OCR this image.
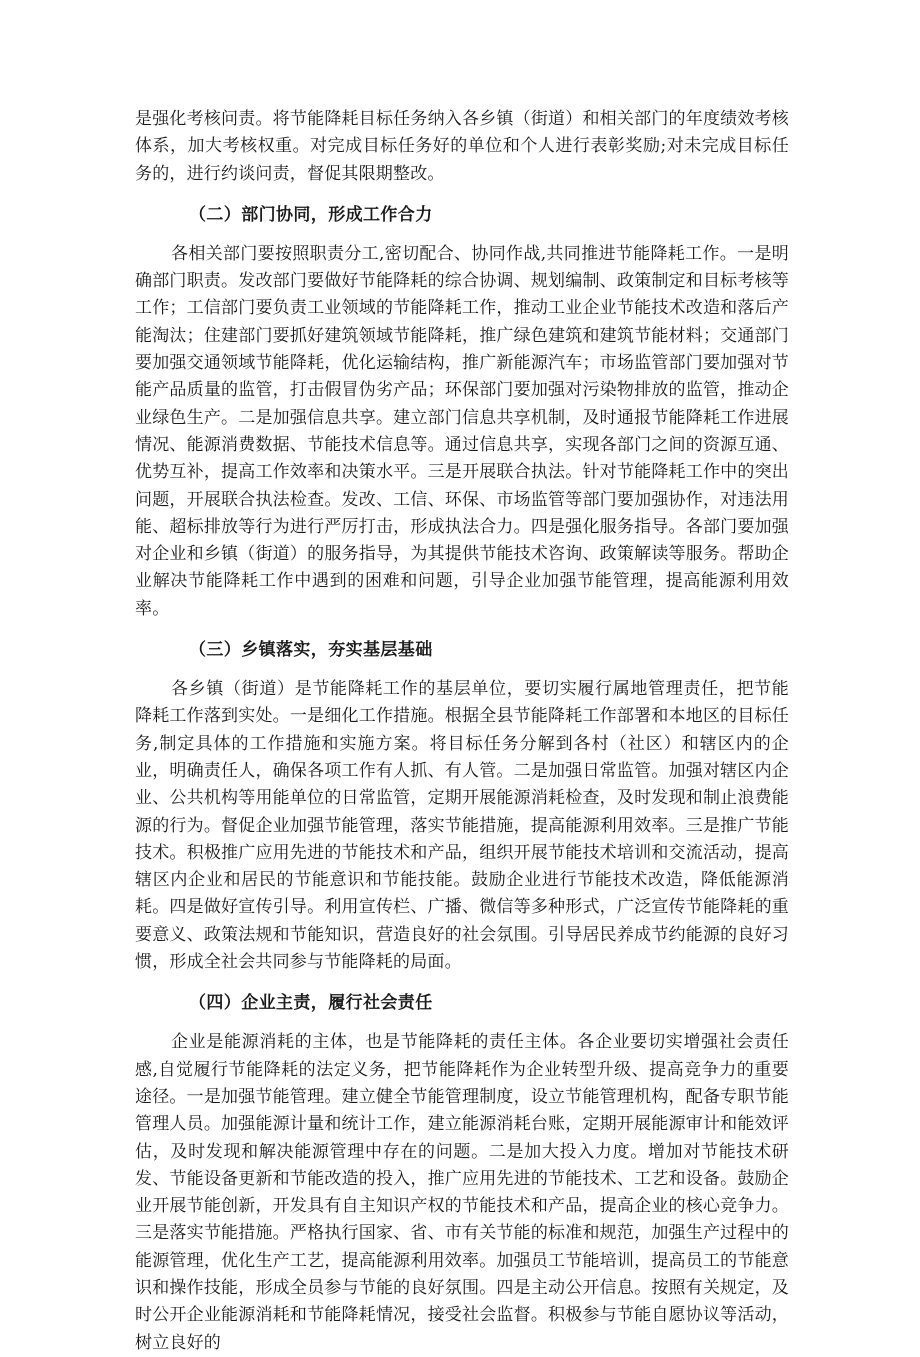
是强化考核问责。将节能降耗目标任务纳入各乡镇（街道）和相关部门的年度绩效考核体系，加大考核权重。对完成目标任务好的单位和个人进行表彰奖励;对未完成目标任务的，进行约谈问责，督促其限期整改。

（二）部门协同，形成工作合力

各相关部门要按照职责分工,密切配合、协同作战,共同推进节能降耗工作。一是明确部门职责。发改部门要做好节能降耗的综合协调、规划编制、政策制定和目标考核等工作；工信部门要负责工业领域的节能降耗工作，推动工业企业节能技术改造和落后产能淘汰；住建部门要抓好建筑领域节能降耗，推广绿色建筑和建筑节能材料；交通部门要加强交通领域节能降耗，优化运输结构，推广新能源汽车；市场监管部门要加强对节能产品质量的监管，打击假冒伪劣产品；环保部门要加强对污染物排放的监管，推动企业绿色生产。二是加强信息共享。建立部门信息共享机制，及时通报节能降耗工作进展情况、能源消费数据、节能技术信息等。通过信息共享，实现各部门之间的资源互通、优势互补，提高工作效率和决策水平。三是开展联合执法。针对节能降耗工作中的突出问题，开展联合执法检查。发改、工信、环保、市场监管等部门要加强协作，对违法用能、超标排放等行为进行严厉打击，形成执法合力。四是强化服务指导。各部门要加强对企业和乡镇（街道）的服务指导，为其提供节能技术咨询、政策解读等服务。帮助企业解决节能降耗工作中遇到的困难和问题，引导企业加强节能管理，提高能源利用效率。

（三）乡镇落实，夯实基层基础

各乡镇（街道）是节能降耗工作的基层单位，要切实履行属地管理责任，把节能降耗工作落到实处。一是细化工作措施。根据全县节能降耗工作部署和本地区的目标任务,制定具体的工作措施和实施方案。将目标任务分解到各村（社区）和辖区内的企业，明确责任人，确保各项工作有人抓、有人管。二是加强日常监管。加强对辖区内企业、公共机构等用能单位的日常监管，定期开展能源消耗检查，及时发现和制止浪费能源的行为。督促企业加强节能管理，落实节能措施，提高能源利用效率。三是推广节能技术。积极推广应用先进的节能技术和产品，组织开展节能技术培训和交流活动，提高辖区内企业和居民的节能意识和节能技能。鼓励企业进行节能技术改造，降低能源消耗。四是做好宣传引导。利用宣传栏、广播、微信等多种形式，广泛宣传节能降耗的重要意义、政策法规和节能知识，营造良好的社会氛围。引导居民养成节约能源的良好习惯，形成全社会共同参与节能降耗的局面。

（四）企业主责，履行社会责任

企业是能源消耗的主体，也是节能降耗的责任主体。各企业要切实增强社会责任感,自觉履行节能降耗的法定义务，把节能降耗作为企业转型升级、提高竞争力的重要途径。一是加强节能管理。建立健全节能管理制度，设立节能管理机构，配备专职节能管理人员。加强能源计量和统计工作，建立能源消耗台账，定期开展能源审计和能效评估，及时发现和解决能源管理中存在的问题。二是加大投入力度。增加对节能技术研发、节能设备更新和节能改造的投入，推广应用先进的节能技术、工艺和设备。鼓励企业开展节能创新，开发具有自主知识产权的节能技术和产品，提高企业的核心竞争力。三是落实节能措施。严格执行国家、省、市有关节能的标准和规范，加强生产过程中的能源管理，优化生产工艺，提高能源利用效率。加强员工节能培训，提高员工的节能意识和操作技能，形成全员参与节能的良好氛围。四是主动公开信息。按照有关规定，及时公开企业能源消耗和节能降耗情况，接受社会监督。积极参与节能自愿协议等活动，树立良好的
